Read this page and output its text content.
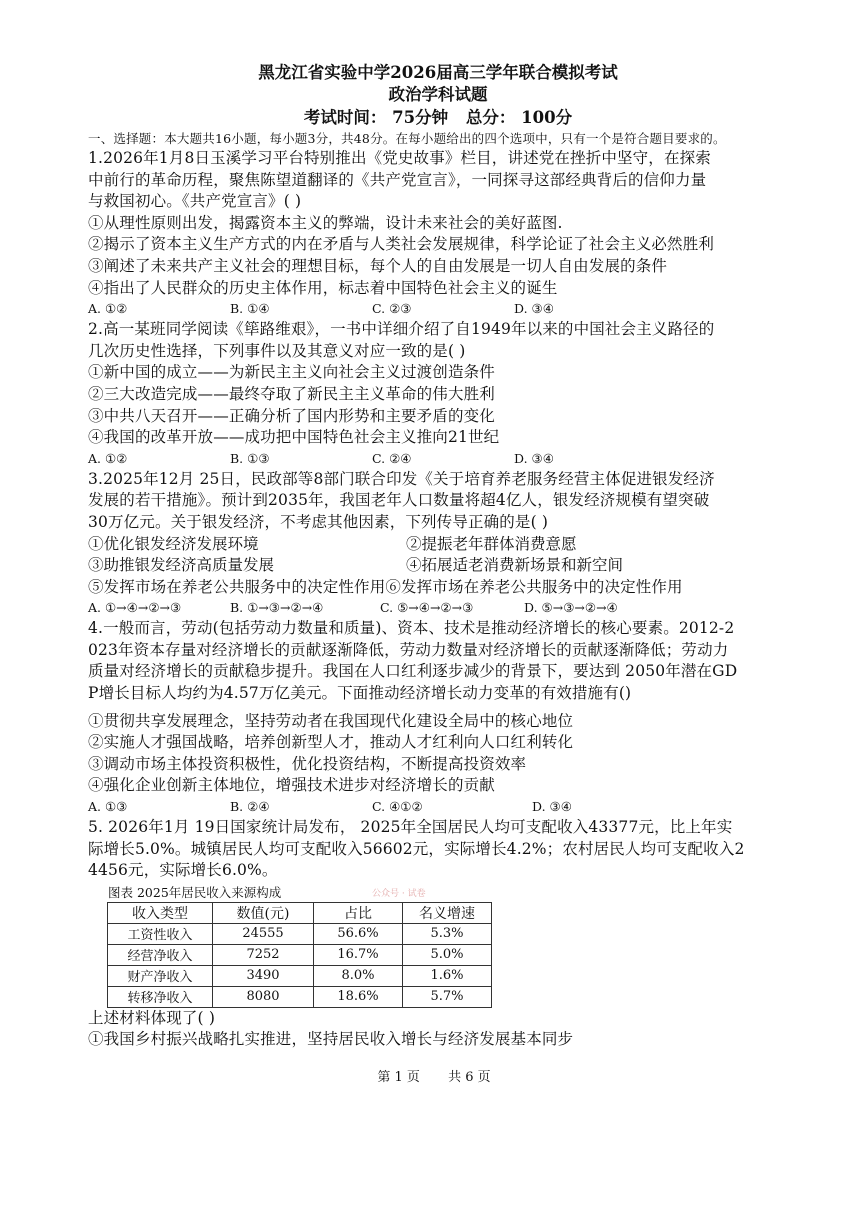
黑龙江省实验中学2026届高三学年联合模拟考试
政治学科试题
考试时间： 75分钟 总分： 100分
一、选择题：本大题共16小题，每小题3分，共48分。在每小题给出的四个选项中，只有一个是符合题目要求的。
1.2026年1月8日玉溪学习平台特别推出《党史故事》栏目，讲述党在挫折中坚守，在探索
中前行的革命历程，聚焦陈望道翻译的《共产党宣言》，一同探寻这部经典背后的信仰力量
与救国初心。《共产党宣言》( )
①从理性原则出发，揭露资本主义的弊端，设计未来社会的美好蓝图.
②揭示了资本主义生产方式的内在矛盾与人类社会发展规律，科学论证了社会主义必然胜利
③阐述了未来共产主义社会的理想目标，每个人的自由发展是一切人自由发展的条件
④指出了人民群众的历史主体作用，标志着中国特色社会主义的诞生
A. ①②	B. ①④	C. ②③	D. ③④
2.高一某班同学阅读《筚路维艰》，一书中详细介绍了自1949年以来的中国社会主义路径的
几次历史性选择，下列事件以及其意义对应一致的是( )
①新中国的成立——为新民主主义向社会主义过渡创造条件
②三大改造完成——最终夺取了新民主主义革命的伟大胜利
③中共八天召开——正确分析了国内形势和主要矛盾的变化
④我国的改革开放——成功把中国特色社会主义推向21世纪
A. ①②	B. ①③	C. ②④	D. ③④
3.2025年12月 25日，民政部等8部门联合印发《关于培育养老服务经营主体促进银发经济
发展的若干措施》。预计到2035年，我国老年人口数量将超4亿人，银发经济规模有望突破
30万亿元。关于银发经济，不考虑其他因素，下列传导正确的是( )
①优化银发经济发展环境	②提振老年群体消费意愿
③助推银发经济高质量发展	④拓展适老消费新场景和新空间
⑤发挥市场在养老公共服务中的决定性作用⑥发挥市场在养老公共服务中的决定性作用
A. ①→④→②→③	B. ①→③→②→④	C. ⑤→④→②→③	D. ⑤→③→②→④
4.一般而言，劳动(包括劳动力数量和质量)、资本、技术是推动经济增长的核心要素。2012-2
023年资本存量对经济增长的贡献逐渐降低，劳动力数量对经济增长的贡献逐渐降低；劳动力
质量对经济增长的贡献稳步提升。我国在人口红利逐步减少的背景下，要达到 2050年潜在GD
P增长目标人均约为4.57万亿美元。下面推动经济增长动力变革的有效措施有()
①贯彻共享发展理念，坚持劳动者在我国现代化建设全局中的核心地位
②实施人才强国战略，培养创新型人才，推动人才红利向人口红利转化
③调动市场主体投资积极性，优化投资结构，不断提高投资效率
④强化企业创新主体地位，增强技术进步对经济增长的贡献
A. ①③	B. ②④	C. ④①②	D. ③④
5. 2026年1月 19日国家统计局发布， 2025年全国居民人均可支配收入43377元，比上年实
际增长5.0%。城镇居民人均可支配收入56602元，实际增长4.2%；农村居民人均可支配收入2
4456元，实际增长6.0%。
图表 2025年居民收入来源构成
收入类型	数值(元)	占比	名义增速
工资性收入	24555	56.6%	5.3%
经营净收入	7252	16.7%	5.0%
财产净收入	3490	8.0%	1.6%
转移净收入	8080	18.6%	5.7%
上述材料体现了( )
①我国乡村振兴战略扎实推进，坚持居民收入增长与经济发展基本同步
公众号 · 试卷
第 1 页 共 6 页
